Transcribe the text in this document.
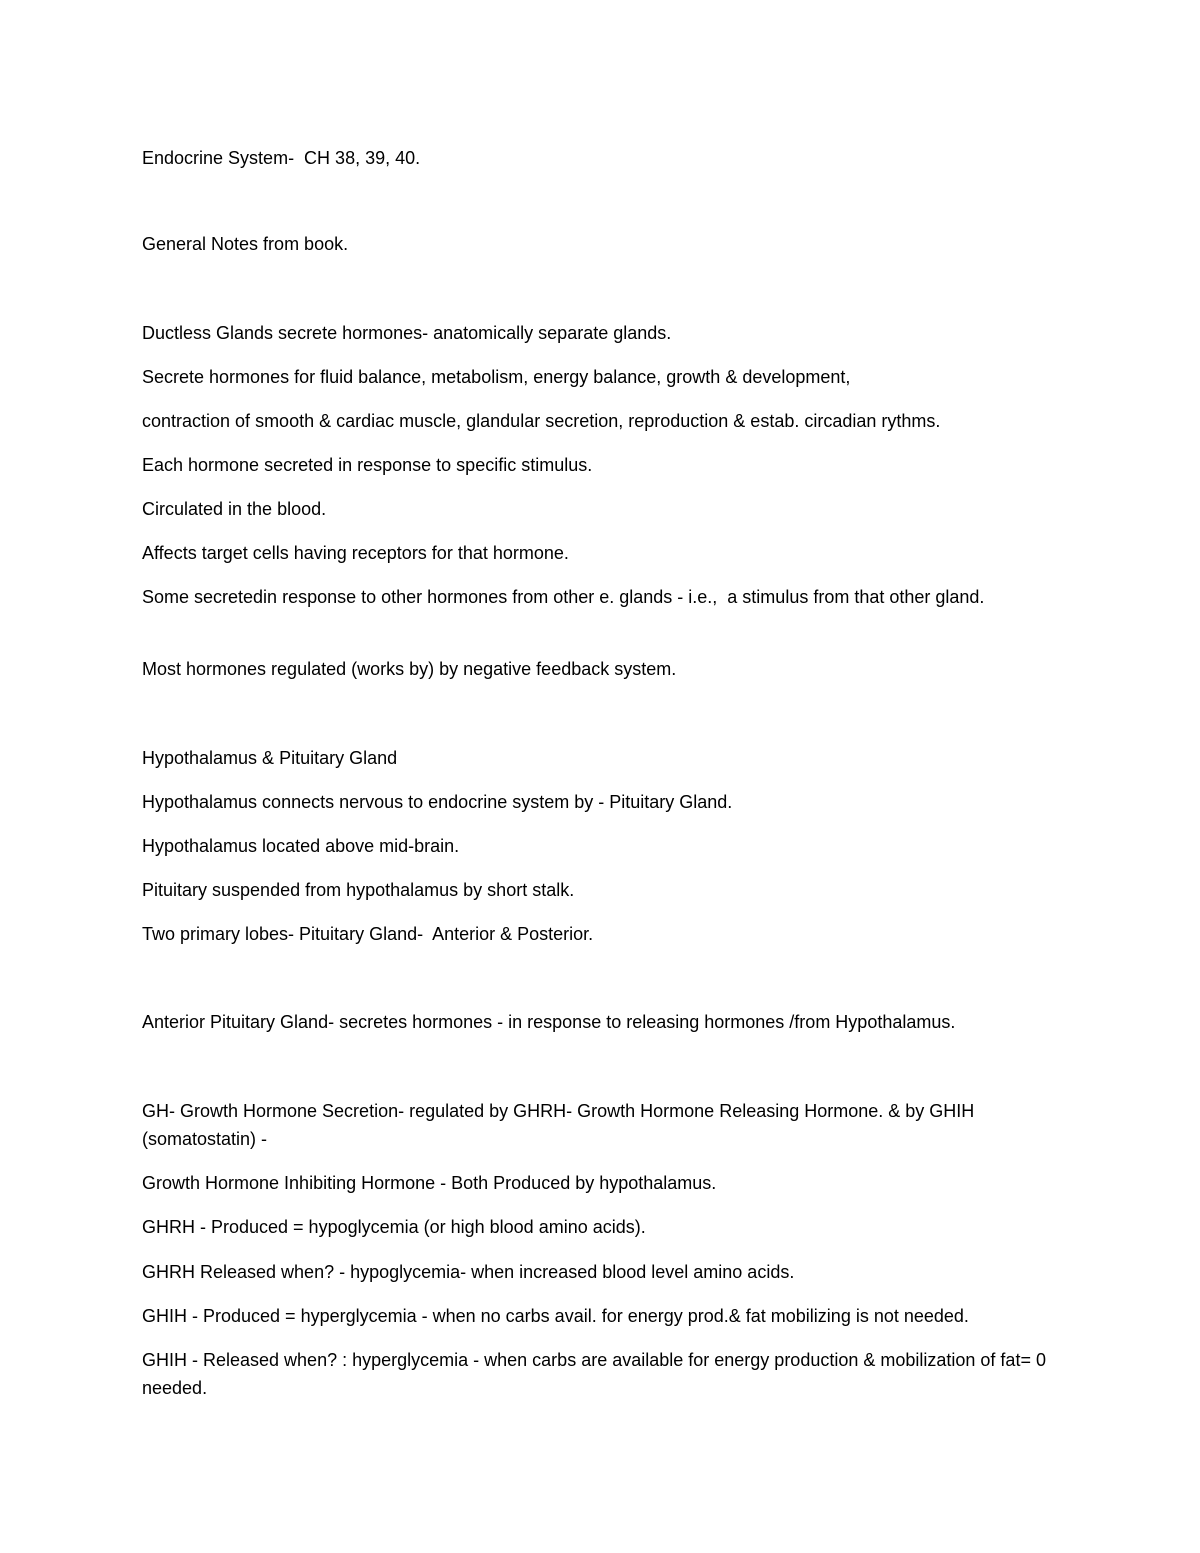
Endocrine System-  CH 38, 39, 40.
General Notes from book.
Ductless Glands secrete hormones- anatomically separate glands.
Secrete hormones for fluid balance, metabolism, energy balance, growth & development,
contraction of smooth & cardiac muscle, glandular secretion, reproduction & estab. circadian rythms.
Each hormone secreted in response to specific stimulus.
Circulated in the blood.
Affects target cells having receptors for that hormone.
Some secretedin response to other hormones from other e. glands - i.e.,  a stimulus from that other gland.
Most hormones regulated (works by) by negative feedback system.
Hypothalamus & Pituitary Gland
Hypothalamus connects nervous to endocrine system by - Pituitary Gland.
Hypothalamus located above mid-brain.
Pituitary suspended from hypothalamus by short stalk.
Two primary lobes- Pituitary Gland-  Anterior & Posterior.
Anterior Pituitary Gland- secretes hormones - in response to releasing hormones /from Hypothalamus.
GH- Growth Hormone Secretion- regulated by GHRH- Growth Hormone Releasing Hormone. & by GHIH (somatostatin) -
Growth Hormone Inhibiting Hormone - Both Produced by hypothalamus.
GHRH - Produced = hypoglycemia (or high blood amino acids).
GHRH Released when? - hypoglycemia- when increased blood level amino acids.
GHIH - Produced = hyperglycemia - when no carbs avail. for energy prod.& fat mobilizing is not needed.
GHIH - Released when? : hyperglycemia - when carbs are available for energy production & mobilization of fat= 0 needed.
